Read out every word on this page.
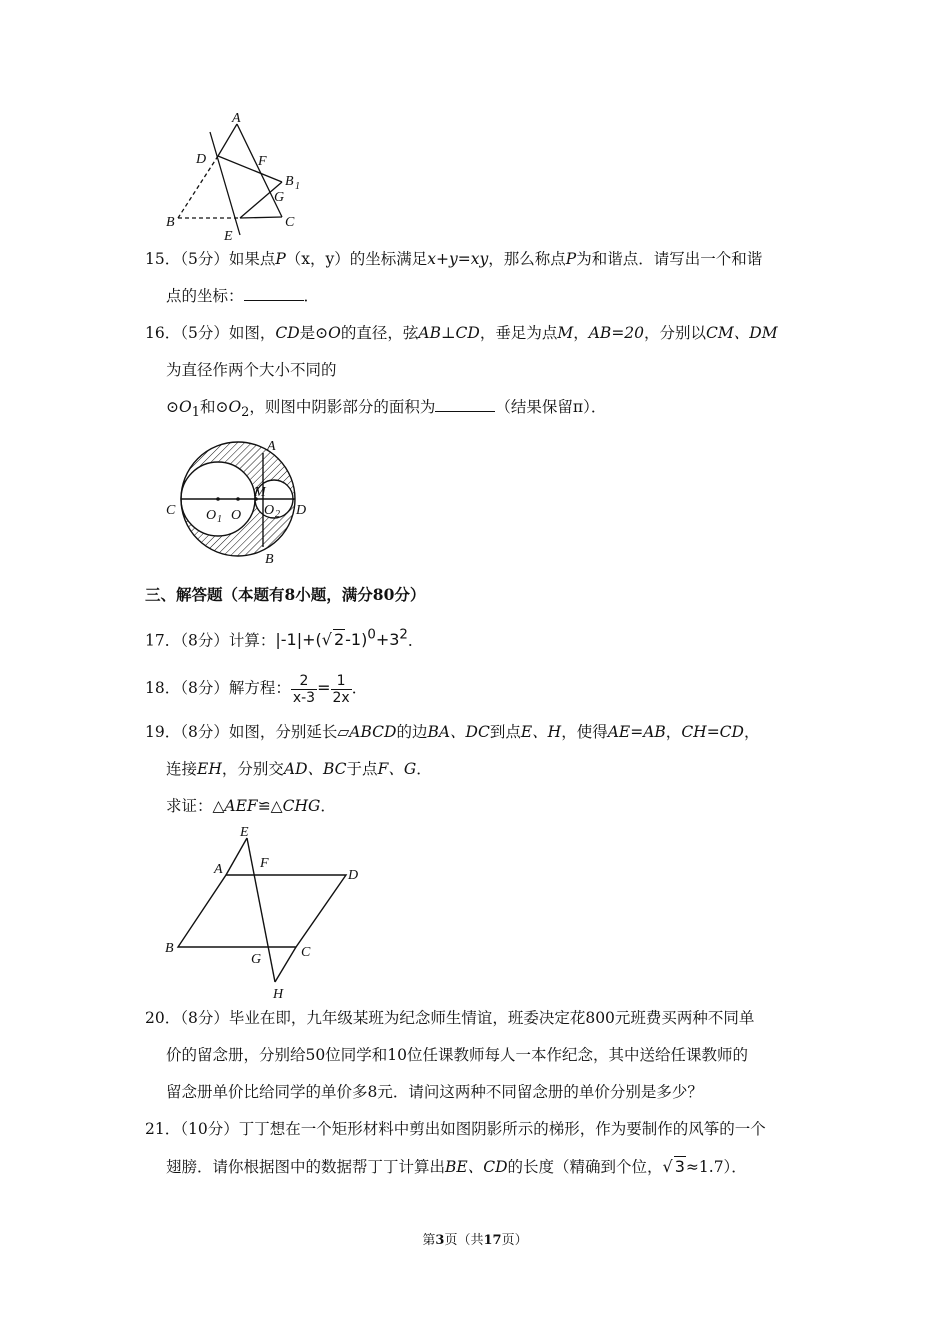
A
D	F
B 1
G
B	C
E
15．（5分）如果点P（x，y）的坐标满足x+y=xy，那么称点P为和谐点．请写出一个和谐
点的坐标：	．
16．（5分）如图，CD是⊙O的直径，弦AB⊥CD，垂足为点M，AB=20，分别以CM、DM
为直径作两个大小不同的
$⊙O_1$和$⊙O_2$，则图中阴影部分的面积为	（结果保留π）．
A
B
C	D
M
O
O 1
O 2
三、解答题（本题有8小题，满分80分）
17．（8分）计算：|-1|+(√ $2-1)^0+3^2$．
18．（8分）解方程： $\frac{2}{x-3} = \frac{1}{2x}$ ．
19．（8分）如图，分别延长▱ABCD的边BA、DC到点E、H，使得AE=AB，CH=CD，
连接EH，分别交AD、BC于点F、G．
求证：△AEF≌△CHG．
E
A	F
D
B
G	C
H
20．（8分）毕业在即，九年级某班为纪念师生情谊，班委决定花800元班费买两种不同单
价的留念册，分别给50位同学和10位任课教师每人一本作纪念，其中送给任课教师的
留念册单价比给同学的单价多8元．请问这两种不同留念册的单价分别是多少？
21．（10分）丁丁想在一个矩形材料中剪出如图阴影所示的梯形，作为要制作的风筝的一个
翅膀．请你根据图中的数据帮丁丁计算出BE、CD的长度（精确到个位，√ 3≈1.7）．
第3页（共17页）
